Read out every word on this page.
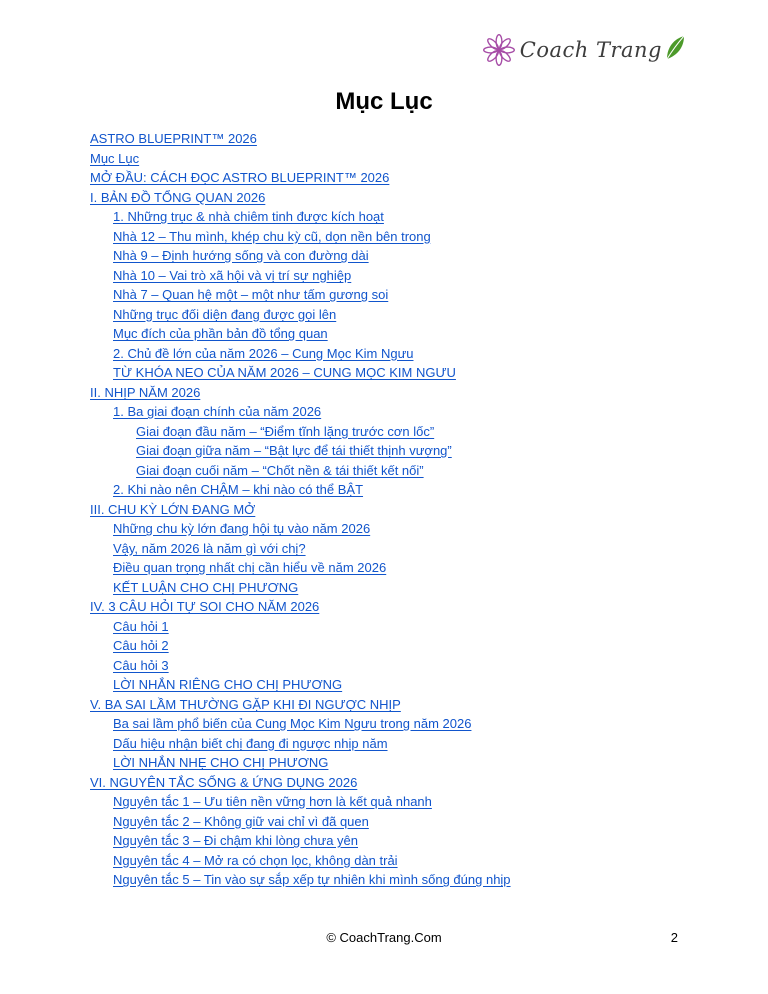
Coach Trang
Mục Lục
ASTRO BLUEPRINT™ 2026
Mục Lục
MỞ ĐẦU: CÁCH ĐỌC ASTRO BLUEPRINT™ 2026
I. BẢN ĐỒ TỔNG QUAN 2026
1. Những trục & nhà chiêm tinh được kích hoạt
Nhà 12 – Thu mình, khép chu kỳ cũ, dọn nền bên trong
Nhà 9 – Định hướng sống và con đường dài
Nhà 10 – Vai trò xã hội và vị trí sự nghiệp
Nhà 7 – Quan hệ một – một như tấm gương soi
Những trục đối diện đang được gọi lên
Mục đích của phần bản đồ tổng quan
2. Chủ đề lớn của năm 2026 – Cung Mọc Kim Ngưu
TỪ KHÓA NEO CỦA NĂM 2026 – CUNG MỌC KIM NGƯU
II. NHỊP NĂM 2026
1. Ba giai đoạn chính của năm 2026
Giai đoạn đầu năm – “Điểm tĩnh lặng trước cơn lốc”
Giai đoạn giữa năm – “Bật lực để tái thiết thịnh vượng”
Giai đoạn cuối năm – “Chốt nền & tái thiết kết nối”
2. Khi nào nên CHẬM – khi nào có thể BẬT
III. CHU KỲ LỚN ĐANG MỞ
Những chu kỳ lớn đang hội tụ vào năm 2026
Vậy, năm 2026 là năm gì với chị?
Điều quan trọng nhất chị cần hiểu về năm 2026
KẾT LUẬN CHO CHỊ PHƯƠNG
IV. 3 CÂU HỎI TỰ SOI CHO NĂM 2026
Câu hỏi 1
Câu hỏi 2
Câu hỏi 3
LỜI NHẮN RIÊNG CHO CHỊ PHƯƠNG
V. BA SAI LẦM THƯỜNG GẶP KHI ĐI NGƯỢC NHỊP
Ba sai lầm phổ biến của Cung Mọc Kim Ngưu trong năm 2026
Dấu hiệu nhận biết chị đang đi ngược nhịp năm
LỜI NHẮN NHẸ CHO CHỊ PHƯƠNG
VI. NGUYÊN TẮC SỐNG & ỨNG DỤNG 2026
Nguyên tắc 1 – Ưu tiên nền vững hơn là kết quả nhanh
Nguyên tắc 2 – Không giữ vai chỉ vì đã quen
Nguyên tắc 3 – Đi chậm khi lòng chưa yên
Nguyên tắc 4 – Mở ra có chọn lọc, không dàn trải
Nguyên tắc 5 – Tin vào sự sắp xếp tự nhiên khi mình sống đúng nhịp
© CoachTrang.Com	2
